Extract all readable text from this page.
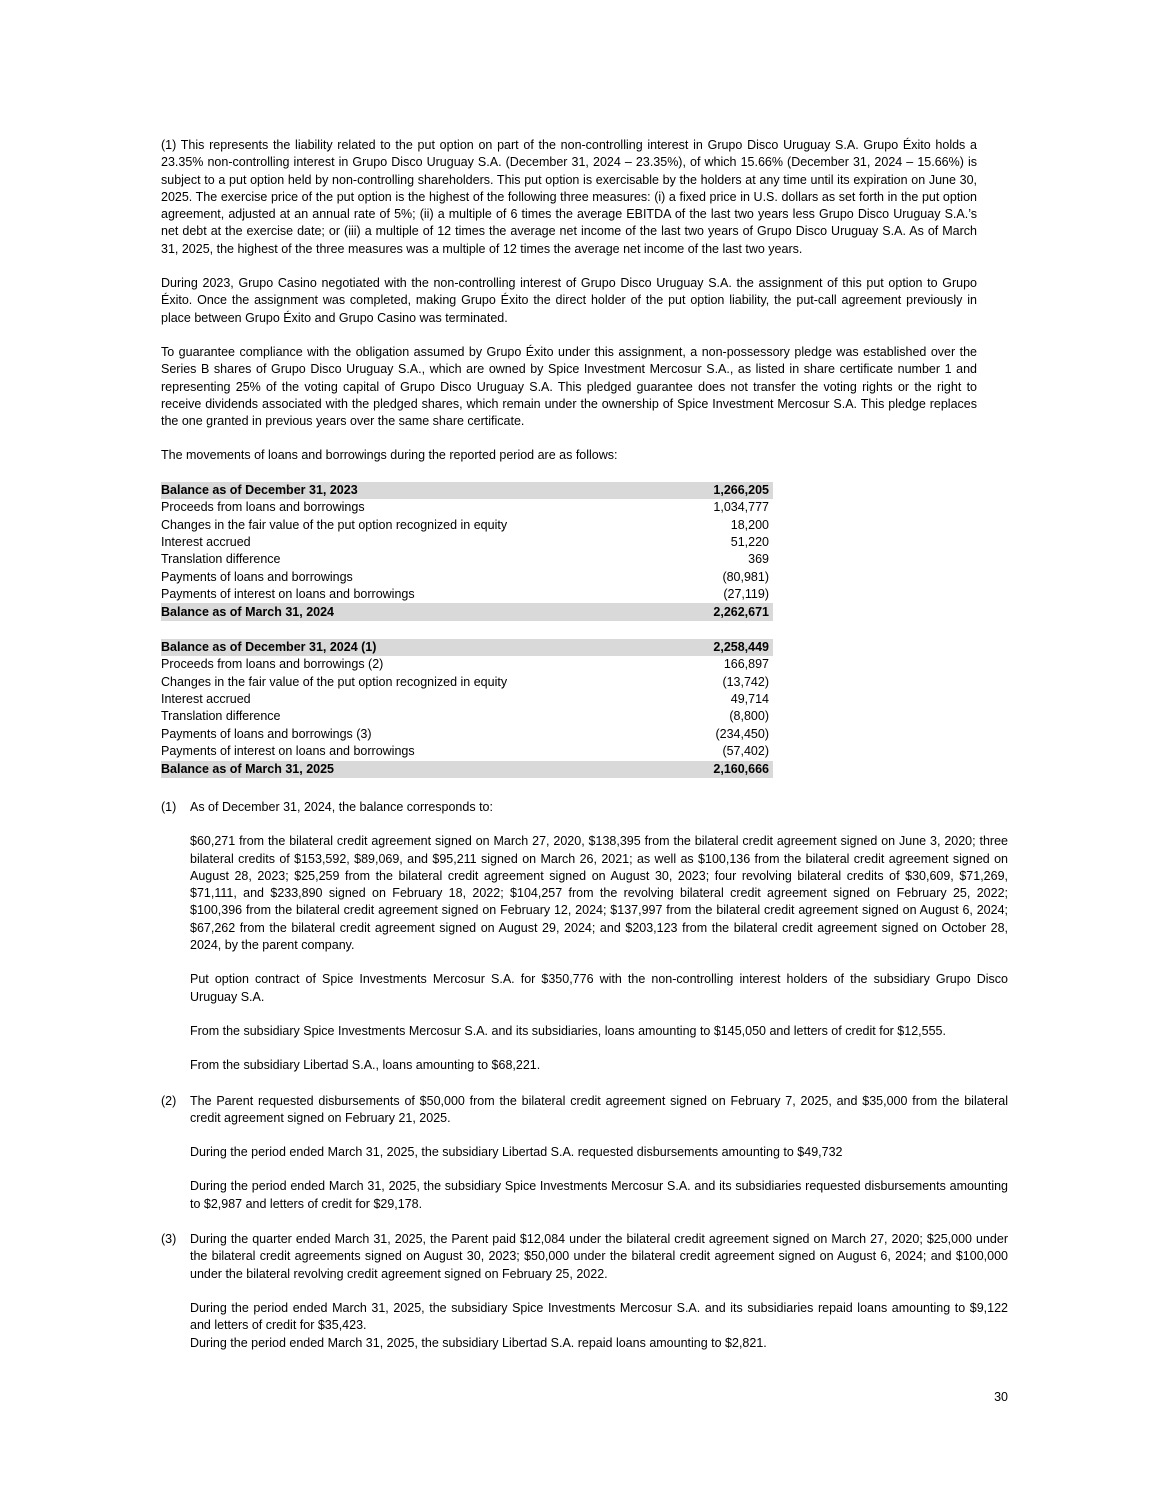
(1) This represents the liability related to the put option on part of the non-controlling interest in Grupo Disco Uruguay S.A. Grupo Éxito holds a 23.35% non-controlling interest in Grupo Disco Uruguay S.A. (December 31, 2024 – 23.35%), of which 15.66% (December 31, 2024 – 15.66%) is subject to a put option held by non-controlling shareholders. This put option is exercisable by the holders at any time until its expiration on June 30, 2025. The exercise price of the put option is the highest of the following three measures: (i) a fixed price in U.S. dollars as set forth in the put option agreement, adjusted at an annual rate of 5%; (ii) a multiple of 6 times the average EBITDA of the last two years less Grupo Disco Uruguay S.A.’s net debt at the exercise date; or (iii) a multiple of 12 times the average net income of the last two years of Grupo Disco Uruguay S.A. As of March 31, 2025, the highest of the three measures was a multiple of 12 times the average net income of the last two years.

During 2023, Grupo Casino negotiated with the non-controlling interest of Grupo Disco Uruguay S.A. the assignment of this put option to Grupo Éxito. Once the assignment was completed, making Grupo Éxito the direct holder of the put option liability, the put-call agreement previously in place between Grupo Éxito and Grupo Casino was terminated.

To guarantee compliance with the obligation assumed by Grupo Éxito under this assignment, a non-possessory pledge was established over the Series B shares of Grupo Disco Uruguay S.A., which are owned by Spice Investment Mercosur S.A., as listed in share certificate number 1 and representing 25% of the voting capital of Grupo Disco Uruguay S.A. This pledged guarantee does not transfer the voting rights or the right to receive dividends associated with the pledged shares, which remain under the ownership of Spice Investment Mercosur S.A. This pledge replaces the one granted in previous years over the same share certificate.

The movements of loans and borrowings during the reported period are as follows:

Balance as of December 31, 2023	1,266,205
Proceeds from loans and borrowings	1,034,777
Changes in the fair value of the put option recognized in equity	18,200
Interest accrued	51,220
Translation difference	369
Payments of loans and borrowings	(80,981)
Payments of interest on loans and borrowings	(27,119)
Balance as of March 31, 2024	2,262,671
Balance as of December 31, 2024 (1)	2,258,449
Proceeds from loans and borrowings (2)	166,897
Changes in the fair value of the put option recognized in equity	(13,742)
Interest accrued	49,714
Translation difference	(8,800)
Payments of loans and borrowings (3)	(234,450)
Payments of interest on loans and borrowings	(57,402)
Balance as of March 31, 2025	2,160,666
(1)	As of December 31, 2024, the balance corresponds to:

$60,271 from the bilateral credit agreement signed on March 27, 2020, $138,395 from the bilateral credit agreement signed on June 3, 2020; three bilateral credits of $153,592, $89,069, and $95,211 signed on March 26, 2021; as well as $100,136 from the bilateral credit agreement signed on August 28, 2023; $25,259 from the bilateral credit agreement signed on August 30, 2023; four revolving bilateral credits of $30,609, $71,269, $71,111, and $233,890 signed on February 18, 2022; $104,257 from the revolving bilateral credit agreement signed on February 25, 2022; $100,396 from the bilateral credit agreement signed on February 12, 2024; $137,997 from the bilateral credit agreement signed on August 6, 2024; $67,262 from the bilateral credit agreement signed on August 29, 2024; and $203,123 from the bilateral credit agreement signed on October 28, 2024, by the parent company.

Put option contract of Spice Investments Mercosur S.A. for $350,776 with the non-controlling interest holders of the subsidiary Grupo Disco Uruguay S.A.

From the subsidiary Spice Investments Mercosur S.A. and its subsidiaries, loans amounting to $145,050 and letters of credit for $12,555.

From the subsidiary Libertad S.A., loans amounting to $68,221.

(2)	The Parent requested disbursements of $50,000 from the bilateral credit agreement signed on February 7, 2025, and $35,000 from the bilateral credit agreement signed on February 21, 2025.

During the period ended March 31, 2025, the subsidiary Libertad S.A. requested disbursements amounting to $49,732

During the period ended March 31, 2025, the subsidiary Spice Investments Mercosur S.A. and its subsidiaries requested disbursements amounting to $2,987 and letters of credit for $29,178.

(3)	During the quarter ended March 31, 2025, the Parent paid $12,084 under the bilateral credit agreement signed on March 27, 2020; $25,000 under the bilateral credit agreements signed on August 30, 2023; $50,000 under the bilateral credit agreement signed on August 6, 2024; and $100,000 under the bilateral revolving credit agreement signed on February 25, 2022.

During the period ended March 31, 2025, the subsidiary Spice Investments Mercosur S.A. and its subsidiaries repaid loans amounting to $9,122 and letters of credit for $35,423.

During the period ended March 31, 2025, the subsidiary Libertad S.A. repaid loans amounting to $2,821.

30
